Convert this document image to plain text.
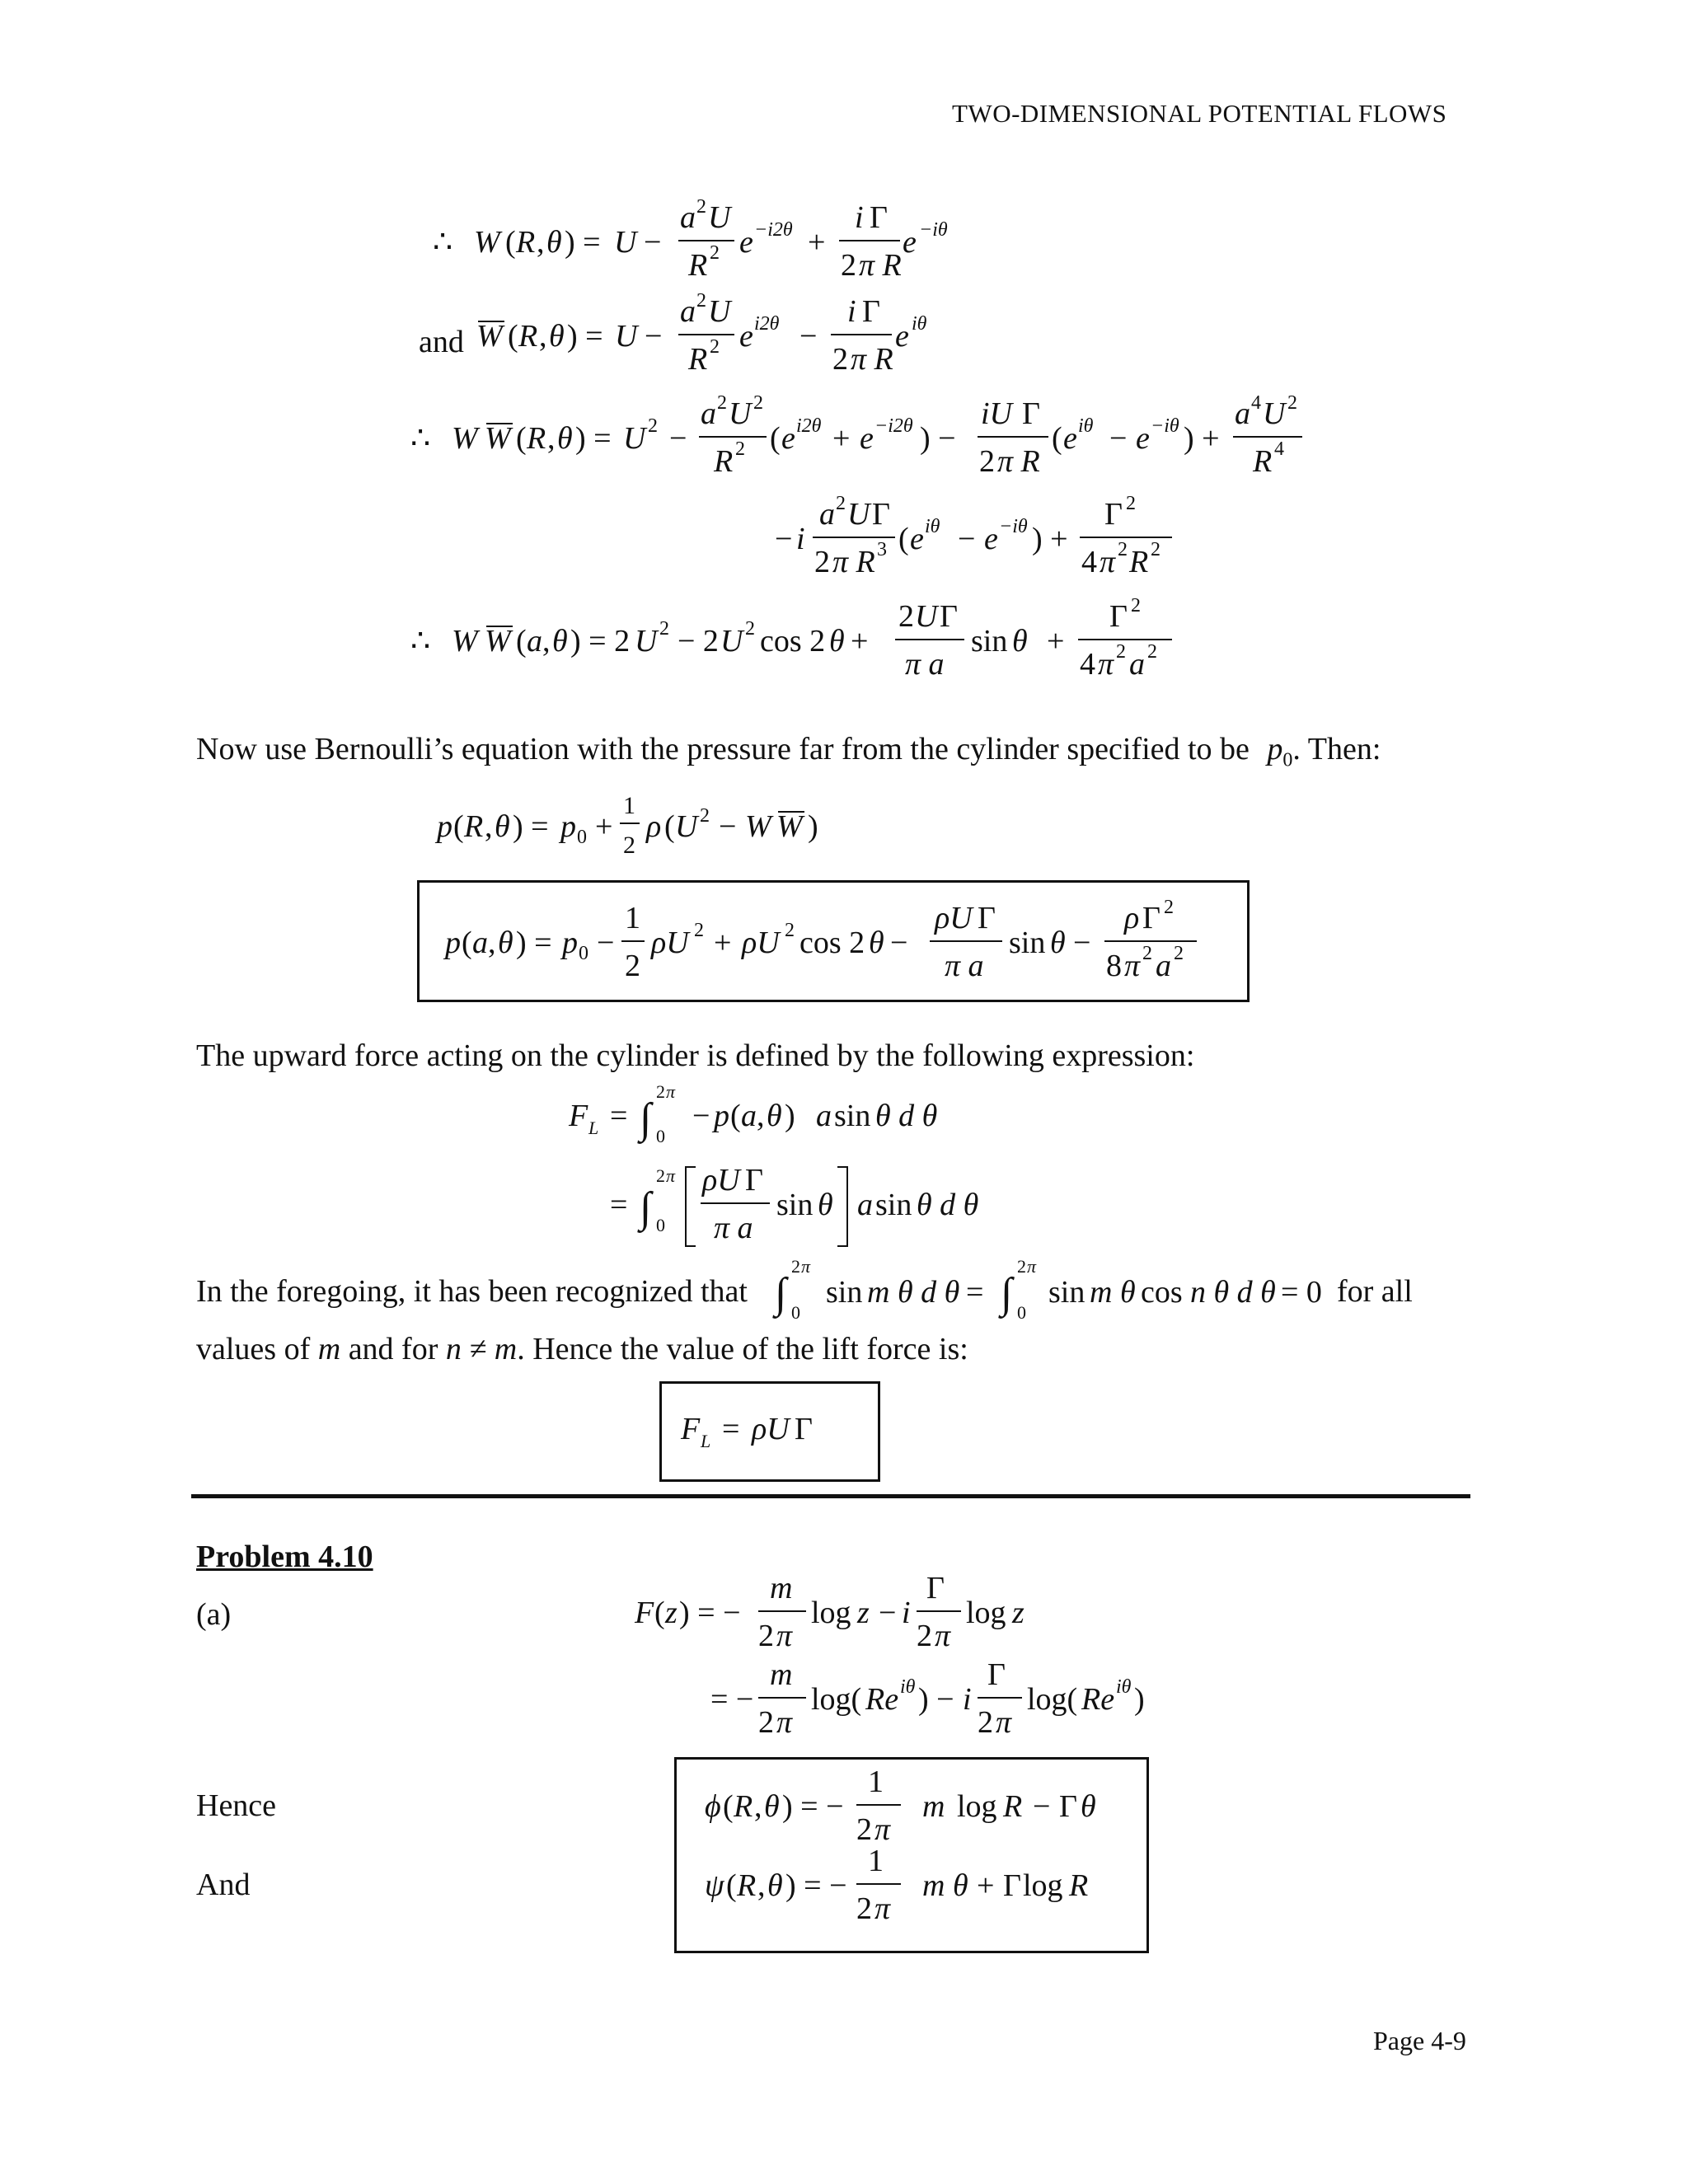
TWO-DIMENSIONAL POTENTIAL FLOWS
∴ W ( R , θ ) = U −
a 2 U
R 2 e −i2θ +
i Γ
2 π R
e −iθ
and W ( R , θ ) = U −
a 2 U
R 2 e i2θ −
i Γ
2 π R
e iθ
∴ W W ( R , θ ) = U 2 −
a 2 U 2
R 2 ( e i2θ + e −i2θ ) −
iU Γ
2 π R
( e iθ − e −iθ ) +
a 4 U 2
R 4
− i
a 2 U Γ
2 π R 3 ( e iθ − e −iθ ) +
Γ 2
4 π 2 R 2
∴ W W ( a , θ ) = 2 U 2 − 2 U 2 cos 2 θ +
2 U Γ
π a
sin θ +
Γ 2
4 π 2 a 2
Now use Bernoulli’s equation with the pressure far from the cylinder specified to be $p_0$. Then:
p ( R , θ ) = p 0 +
1
2
ρ ( U 2 − W W )
p ( a , θ ) = p 0 −
1
2
ρU 2 + ρU 2 cos 2 θ −
ρU Γ
π a
sin θ −
ρ Γ 2
8 π 2 a 2
The upward force acting on the cylinder is defined by the following expression:
F L = ∫
2 π
0
− p ( a , θ ) a sin θ d θ
= ∫
2 π
0
ρU Γ
π a
sin θ a sin θ d θ
In the foregoing, it has been recognized that ∫
2 π
0
sin m θ d θ = ∫
2 π
0
sin m θ cos n θ d θ = 0 for all
values of m and for n ≠ m. Hence the value of the lift force is:
F L = ρU Γ
Problem 4.10
(a)	F ( z ) = −
m
2 π
log z − i
Γ
2 π
log z
= −
m
2 π
log( Re iθ ) − i
Γ
2 π
log( Re iθ )
Hence	ϕ ( R , θ ) = −
1
2 π
m log R − Γ θ
And	ψ ( R , θ ) = −
1
2 π
m θ + Γ log R
Page 4-9
